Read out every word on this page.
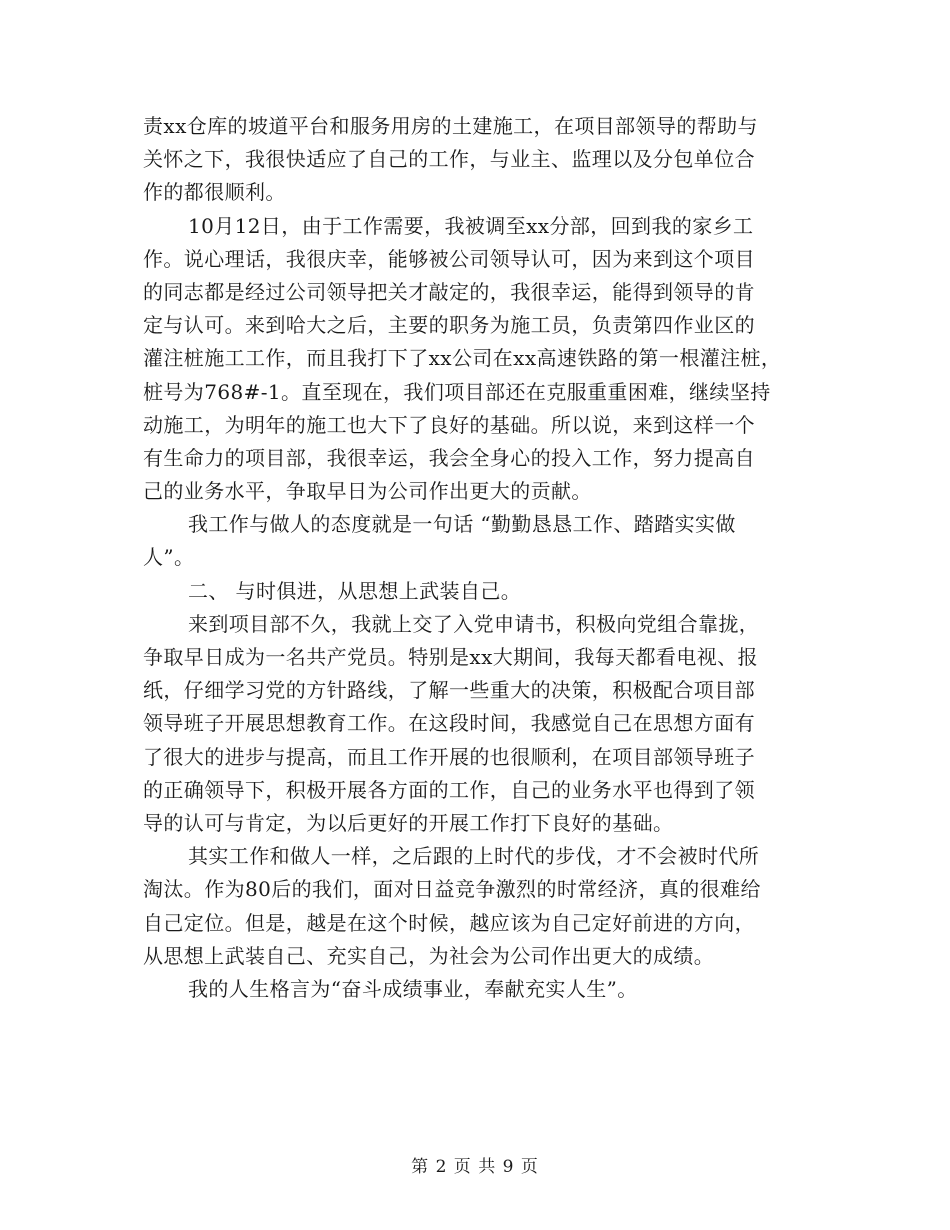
责xx仓库的坡道平台和服务用房的土建施工，在项目部领导的帮助与
关怀之下，我很快适应了自己的工作，与业主、监理以及分包单位合
作的都很顺利。
10月12日，由于工作需要，我被调至xx分部，回到我的家乡工
作。说心理话，我很庆幸，能够被公司领导认可，因为来到这个项目
的同志都是经过公司领导把关才敲定的，我很幸运，能得到领导的肯
定与认可。来到哈大之后，主要的职务为施工员，负责第四作业区的
灌注桩施工工作，而且我打下了xx公司在xx高速铁路的第一根灌注桩，
桩号为768#-1。直至现在，我们项目部还在克服重重困难，继续坚持
动施工，为明年的施工也大下了良好的基础。所以说，来到这样一个
有生命力的项目部，我很幸运，我会全身心的投入工作，努力提高自
己的业务水平，争取早日为公司作出更大的贡献。
我工作与做人的态度就是一句话 “勤勤恳恳工作、踏踏实实做
人”。
二、 与时俱进，从思想上武装自己。
来到项目部不久，我就上交了入党申请书，积极向党组合靠拢，
争取早日成为一名共产党员。特别是xx大期间，我每天都看电视、报
纸，仔细学习党的方针路线，了解一些重大的决策，积极配合项目部
领导班子开展思想教育工作。在这段时间，我感觉自己在思想方面有
了很大的进步与提高，而且工作开展的也很顺利，在项目部领导班子
的正确领导下，积极开展各方面的工作，自己的业务水平也得到了领
导的认可与肯定，为以后更好的开展工作打下良好的基础。
其实工作和做人一样，之后跟的上时代的步伐，才不会被时代所
淘汰。作为80后的我们，面对日益竞争激烈的时常经济，真的很难给
自己定位。但是，越是在这个时候，越应该为自己定好前进的方向，
从思想上武装自己、充实自己，为社会为公司作出更大的成绩。
我的人生格言为“奋斗成绩事业，奉献充实人生”。
第 2 页 共 9 页
